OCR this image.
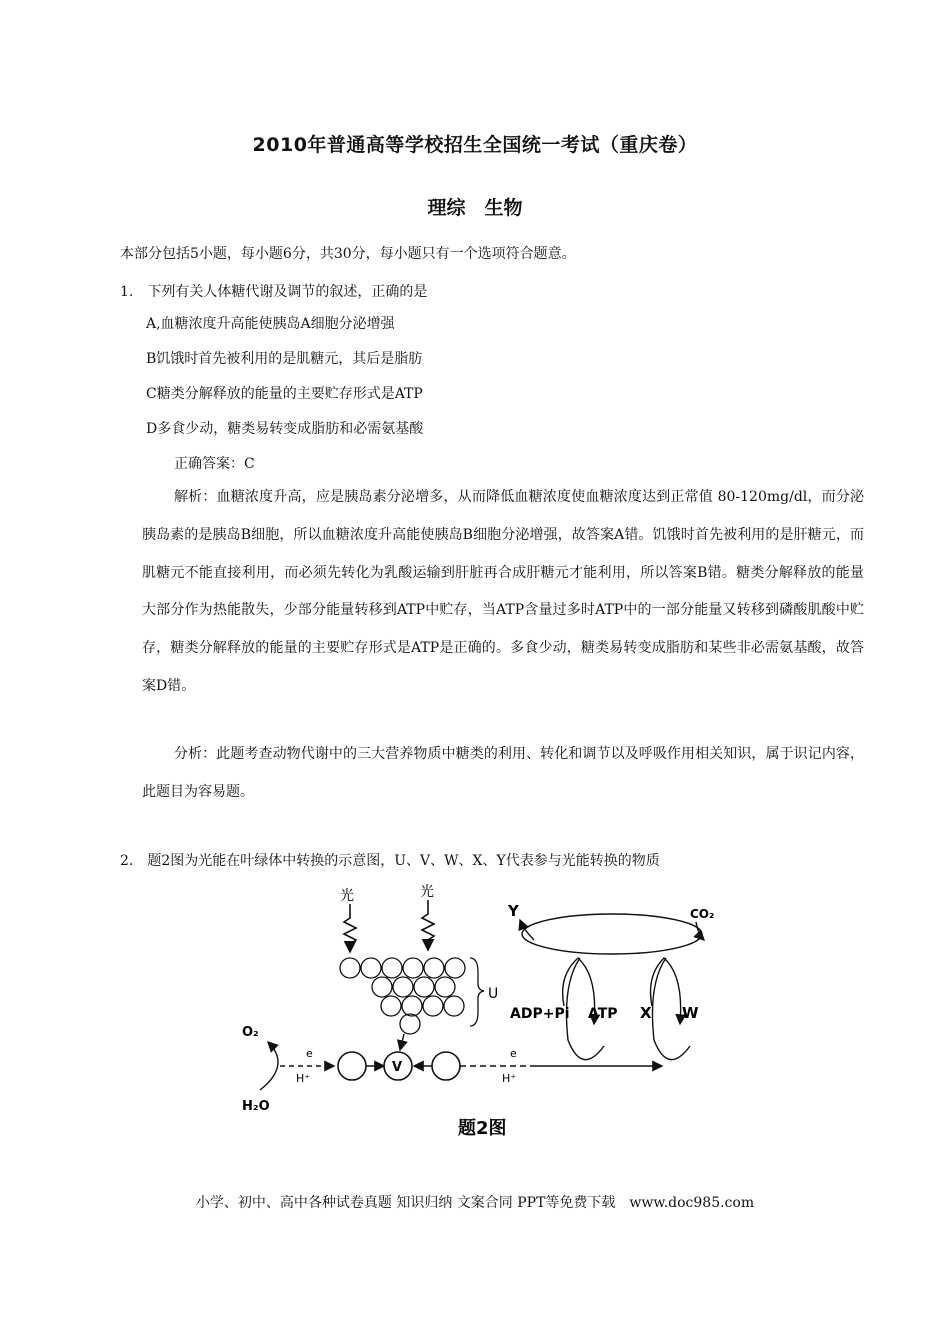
2010年普通高等学校招生全国统一考试（重庆卷）
理综　生物
本部分包括5小题，每小题6分，共30分，每小题只有一个选项符合题意。
1.　下列有关人体糖代谢及调节的叙述，正确的是
A,血糖浓度升高能使胰岛A细胞分泌增强
B饥饿时首先被利用的是肌糖元，其后是脂肪
C糖类分解释放的能量的主要贮存形式是ATP
D多食少动，糖类易转变成脂肪和必需氨基酸
正确答案：C
解析：血糖浓度升高，应是胰岛素分泌增多，从而降低血糖浓度使血糖浓度达到正常值 80-120mg/dl，而分泌胰岛素的是胰岛B细胞，所以血糖浓度升高能使胰岛B细胞分泌增强，故答案A错。饥饿时首先被利用的是肝糖元，而肌糖元不能直接利用，而必须先转化为乳酸运输到肝脏再合成肝糖元才能利用，所以答案B错。糖类分解释放的能量大部分作为热能散失，少部分能量转移到ATP中贮存，当ATP含量过多时ATP中的一部分能量又转移到磷酸肌酸中贮存，糖类分解释放的能量的主要贮存形式是ATP是正确的。多食少动，糖类易转变成脂肪和某些非必需氨基酸，故答案D错。
分析：此题考查动物代谢中的三大营养物质中糖类的利用、转化和调节以及呼吸作用相关知识，属于识记内容，此题目为容易题。
2.　题2图为光能在叶绿体中转换的示意图，U、V、W、X、Y代表参与光能转换的物质
光	光
U
Y	CO₂
ADP+Pi ATP X W
O₂
H₂O
e
H⁺
V
e
H⁺
题2图
小学、初中、高中各种试卷真题 知识归纳 文案合同 PPT等免费下载　www.doc985.com
